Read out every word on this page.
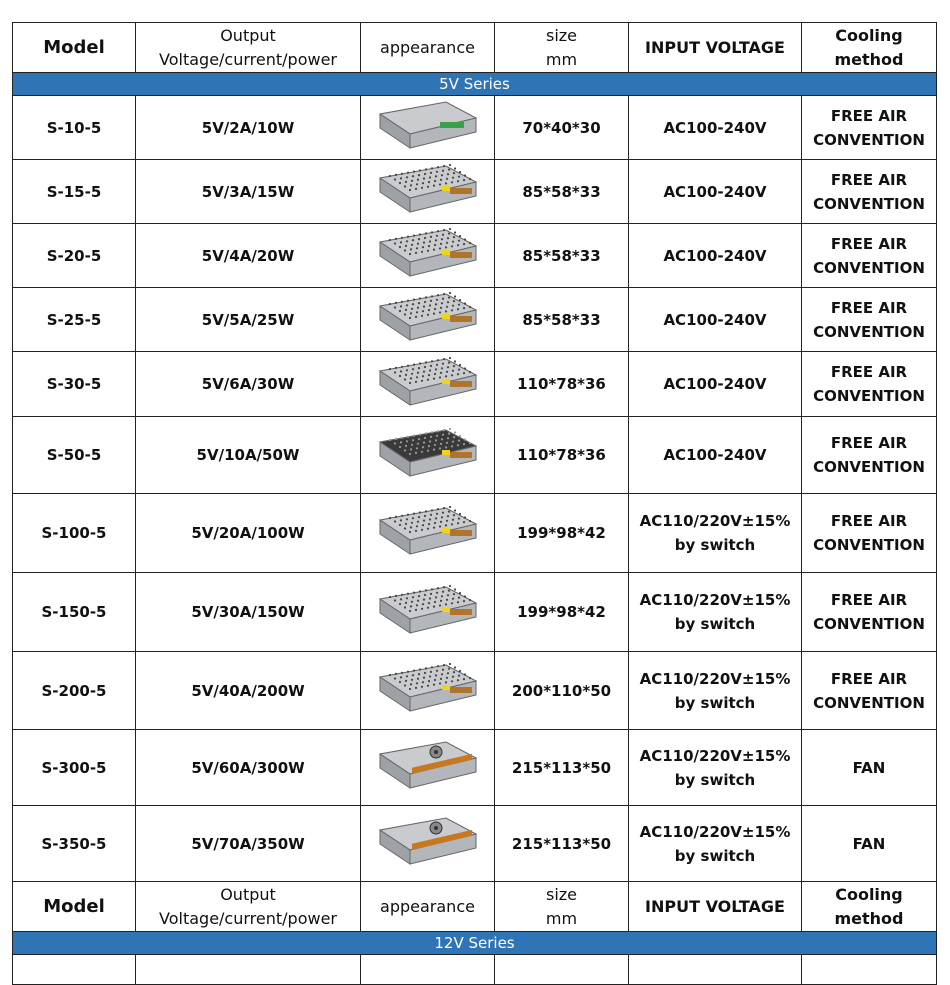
Model	Output
Voltage/current/power	appearance	size
mm	INPUT VOLTAGE	Cooling method
5V Series					
S-10-5	5V/2A/10W		70*40*30	AC100-240V	FREE AIR
CONVENTION

S-15-5	5V/3A/15W		85*58*33	AC100-240V	FREE AIR
CONVENTION

S-20-5	5V/4A/20W		85*58*33	AC100-240V	FREE AIR
CONVENTION

S-25-5	5V/5A/25W		85*58*33	AC100-240V	FREE AIR
CONVENTION

S-30-5	5V/6A/30W		110*78*36	AC100-240V	FREE AIR
CONVENTION

S-50-5	5V/10A/50W		110*78*36	AC100-240V	FREE AIR
CONVENTION

S-100-5	5V/20A/100W		199*98*42	AC110/220V±15%
by switch	FREE AIR
CONVENTION

S-150-5	5V/30A/150W		199*98*42	AC110/220V±15%
by switch	FREE AIR
CONVENTION

S-200-5	5V/40A/200W		200*110*50	AC110/220V±15%
by switch	FREE AIR
CONVENTION

S-300-5	5V/60A/300W		215*113*50	AC110/220V±15%
by switch	FAN

S-350-5	5V/70A/350W		215*113*50	AC110/220V±15%
by switch	FAN

Model	Output
Voltage/current/power	appearance	size
mm	INPUT VOLTAGE	Cooling method
12V Series					
